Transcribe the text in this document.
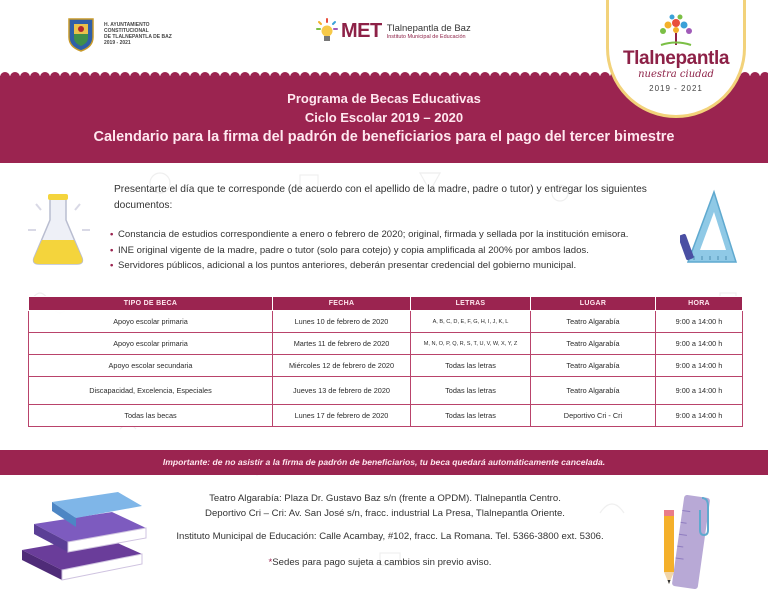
H. AYUNTAMIENTO
CONSTITUCIONAL
DE TLALNEPANTLA DE BAZ
2019 - 2021
MET Tlalnepantla de Baz
Instituto Municipal de Educación
Tlalnepantla
nuestra ciudad
2019 - 2021
Programa de Becas Educativas
Ciclo Escolar 2019 – 2020
Calendario para la firma del padrón de beneficiarios para el pago del tercer bimestre
Presentarte el día que te corresponde (de acuerdo con el apellido de la madre, padre o tutor) y entregar los siguientes documentos:
• Constancia de estudios correspondiente a enero o febrero de 2020; original, firmada y sellada por la institución emisora.
• INE original vigente de la madre, padre o tutor (solo para cotejo) y copia amplificada al 200% por ambos lados.
• Servidores públicos, adicional a los puntos anteriores, deberán presentar credencial del gobierno municipal.
TIPO DE BECA	FECHA	LETRAS	LUGAR	HORA
Apoyo escolar primaria	Lunes 10 de febrero de 2020	A, B, C, D, E, F, G, H, I, J, K, L	Teatro Algarabía	9:00 a 14:00 h
Apoyo escolar primaria	Martes 11 de febrero de 2020	M, N, O, P, Q, R, S, T, U, V, W, X, Y, Z	Teatro Algarabía	9:00 a 14:00 h
Apoyo escolar secundaria	Miércoles 12 de febrero de 2020	Todas las letras	Teatro Algarabía	9:00 a 14:00 h
Discapacidad, Excelencia, Especiales	Jueves 13 de febrero de 2020	Todas las letras	Teatro Algarabía	9:00 a 14:00 h
Todas las becas	Lunes 17 de febrero de 2020	Todas las letras	Deportivo Cri - Cri	9:00 a 14:00 h
Importante: de no asistir a la firma de padrón de beneficiarios, tu beca quedará automáticamente cancelada.
Teatro Algarabía: Plaza Dr. Gustavo Baz s/n (frente a OPDM). Tlalnepantla Centro.
Deportivo Cri – Cri: Av. San José s/n, fracc. industrial La Presa, Tlalnepantla Oriente.
Instituto Municipal de Educación: Calle Acambay, #102, fracc. La Romana. Tel. 5366-3800 ext. 5306.
*Sedes para pago sujeta a cambios sin previo aviso.
